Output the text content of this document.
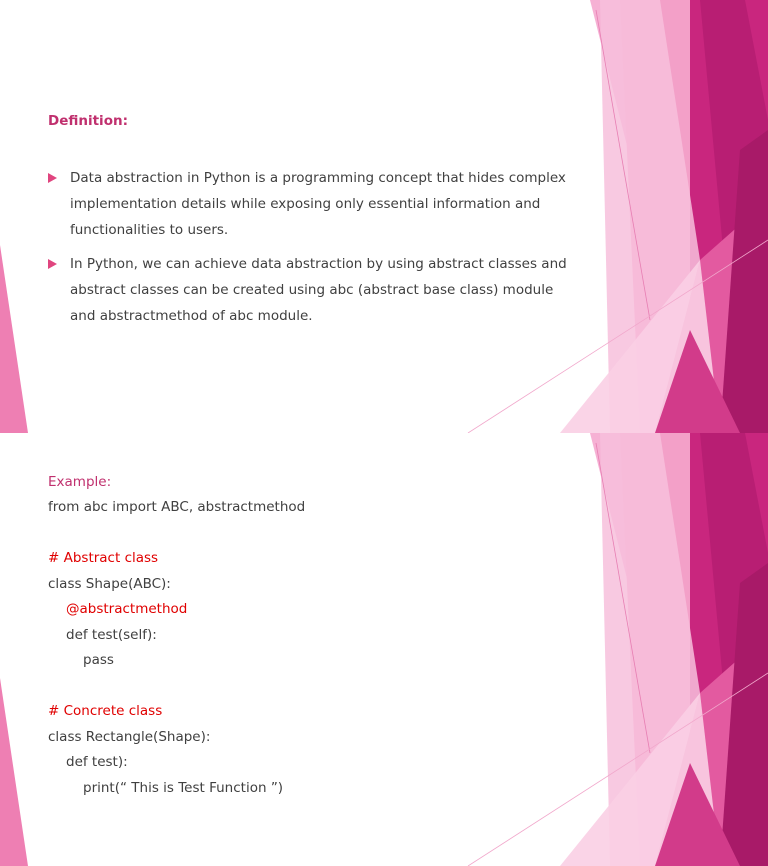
Definition:
Data abstraction in Python is a programming concept that hides complex implementation details while exposing only essential information and functionalities to users.
In Python, we can achieve data abstraction by using abstract classes and abstract classes can be created using abc (abstract base class) module and abstractmethod of abc module.
Example:
from abc import ABC, abstractmethod
# Abstract class
class Shape(ABC):
@abstractmethod
def test(self):
pass
# Concrete class
class Rectangle(Shape):
def test):
print(“ This is Test Function ”)
